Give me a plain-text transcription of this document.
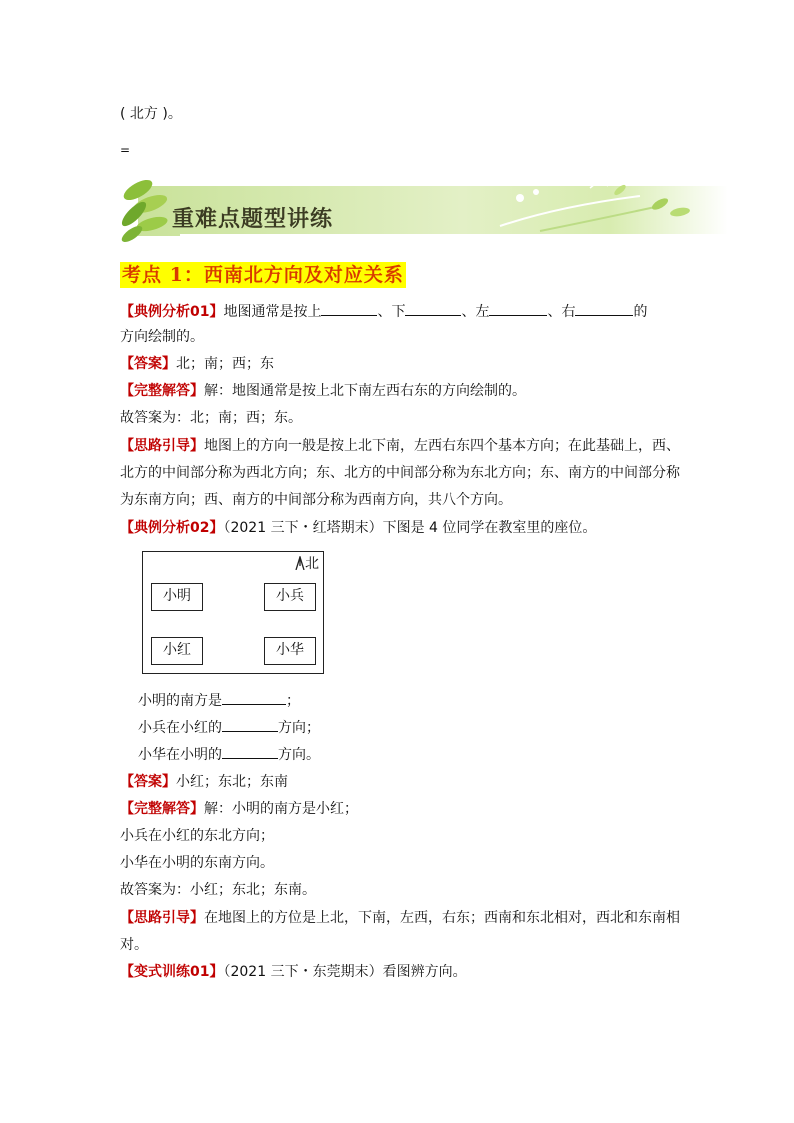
( 北方 )。
=
重难点题型讲练
考点 1：西南北方向及对应关系
【典例分析01】地图通常是按上	、下	、左	、右	的
方向绘制的。
【答案】北；南；西；东
【完整解答】解：地图通常是按上北下南左西右东的方向绘制的。
故答案为：北；南；西；东。
【思路引导】地图上的方向一般是按上北下南，左西右东四个基本方向；在此基础上，西、
北方的中间部分称为西北方向；东、北方的中间部分称为东北方向；东、南方的中间部分称
为东南方向；西、南方的中间部分称为西南方向，共八个方向。
【典例分析02】（2021 三下・红塔期末）下图是 4 位同学在教室里的座位。
北
小明	小兵
小红	小华
小明的南方是	；
小兵在小红的	方向；
小华在小明的	方向。
【答案】小红；东北；东南
【完整解答】解：小明的南方是小红；
小兵在小红的东北方向；
小华在小明的东南方向。
故答案为：小红；东北；东南。
【思路引导】在地图上的方位是上北，下南，左西，右东；西南和东北相对，西北和东南相
对。
【变式训练01】（2021 三下・东莞期末）看图辨方向。
